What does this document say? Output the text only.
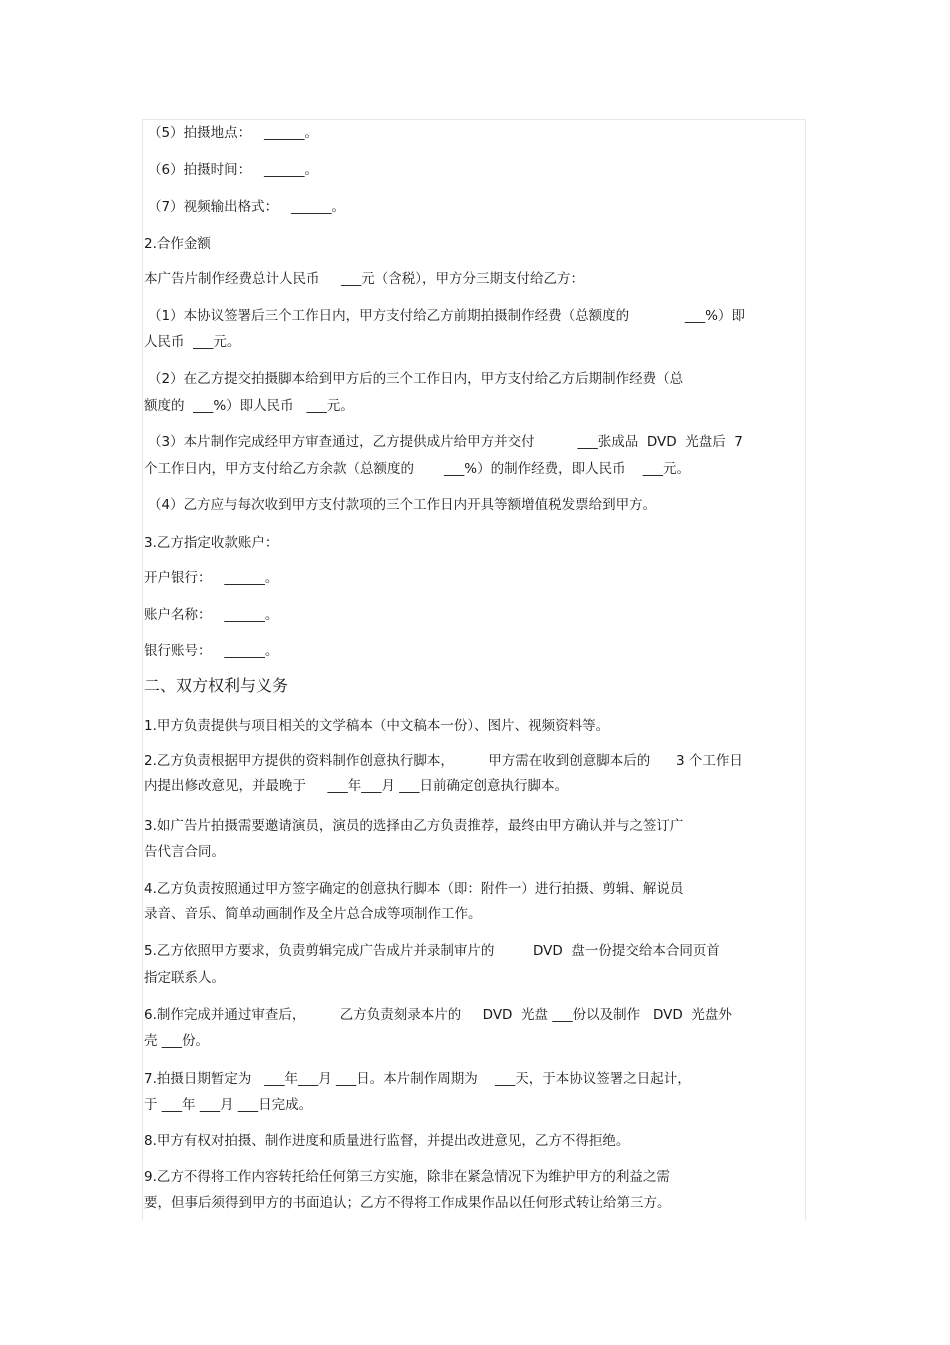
（5）拍摄地点：   ______。
（6）拍摄时间：   ______。
（7）视频输出格式：   ______。
2.合作金额
本广告片制作经费总计人民币     ___元（含税），甲方分三期支付给乙方：
（1）本协议签署后三个工作日内，甲方支付给乙方前期拍摄制作经费（总额度的             ___%）即
人民币  ___元。
（2）在乙方提交拍摄脚本给到甲方后的三个工作日内，甲方支付给乙方后期制作经费（总
额度的  ___%）即人民币   ___元。
（3）本片制作完成经甲方审查通过，乙方提供成片给甲方并交付          ___张成品  DVD  光盘后  7
个工作日内，甲方支付给乙方余款（总额度的       ___%）的制作经费，即人民币    ___元。
（4）乙方应与每次收到甲方支付款项的三个工作日内开具等额增值税发票给到甲方。
3.乙方指定收款账户：
开户银行：   ______。
账户名称：   ______。
银行账号：   ______。
二、双方权利与义务
1.甲方负责提供与项目相关的文学稿本（中文稿本一份）、图片、视频资料等。
2.乙方负责根据甲方提供的资料制作创意执行脚本，        甲方需在收到创意脚本后的      3 个工作日
内提出修改意见，并最晚于     ___年___月 ___日前确定创意执行脚本。
3.如广告片拍摄需要邀请演员，演员的选择由乙方负责推荐，最终由甲方确认并与之签订广
告代言合同。
4.乙方负责按照通过甲方签字确定的创意执行脚本（即：附件一）进行拍摄、剪辑、解说员
录音、音乐、简单动画制作及全片总合成等项制作工作。
5.乙方依照甲方要求，负责剪辑完成广告成片并录制审片的         DVD  盘一份提交给本合同页首
指定联系人。
6.制作完成并通过审查后，        乙方负责刻录本片的     DVD  光盘 ___份以及制作   DVD  光盘外
壳 ___份。
7.拍摄日期暂定为   ___年___月 ___日。本片制作周期为    ___天，于本协议签署之日起计，
于 ___年 ___月 ___日完成。
8.甲方有权对拍摄、制作进度和质量进行监督，并提出改进意见，乙方不得拒绝。
9.乙方不得将工作内容转托给任何第三方实施，除非在紧急情况下为维护甲方的利益之需
要，但事后须得到甲方的书面追认；乙方不得将工作成果作品以任何形式转让给第三方。
